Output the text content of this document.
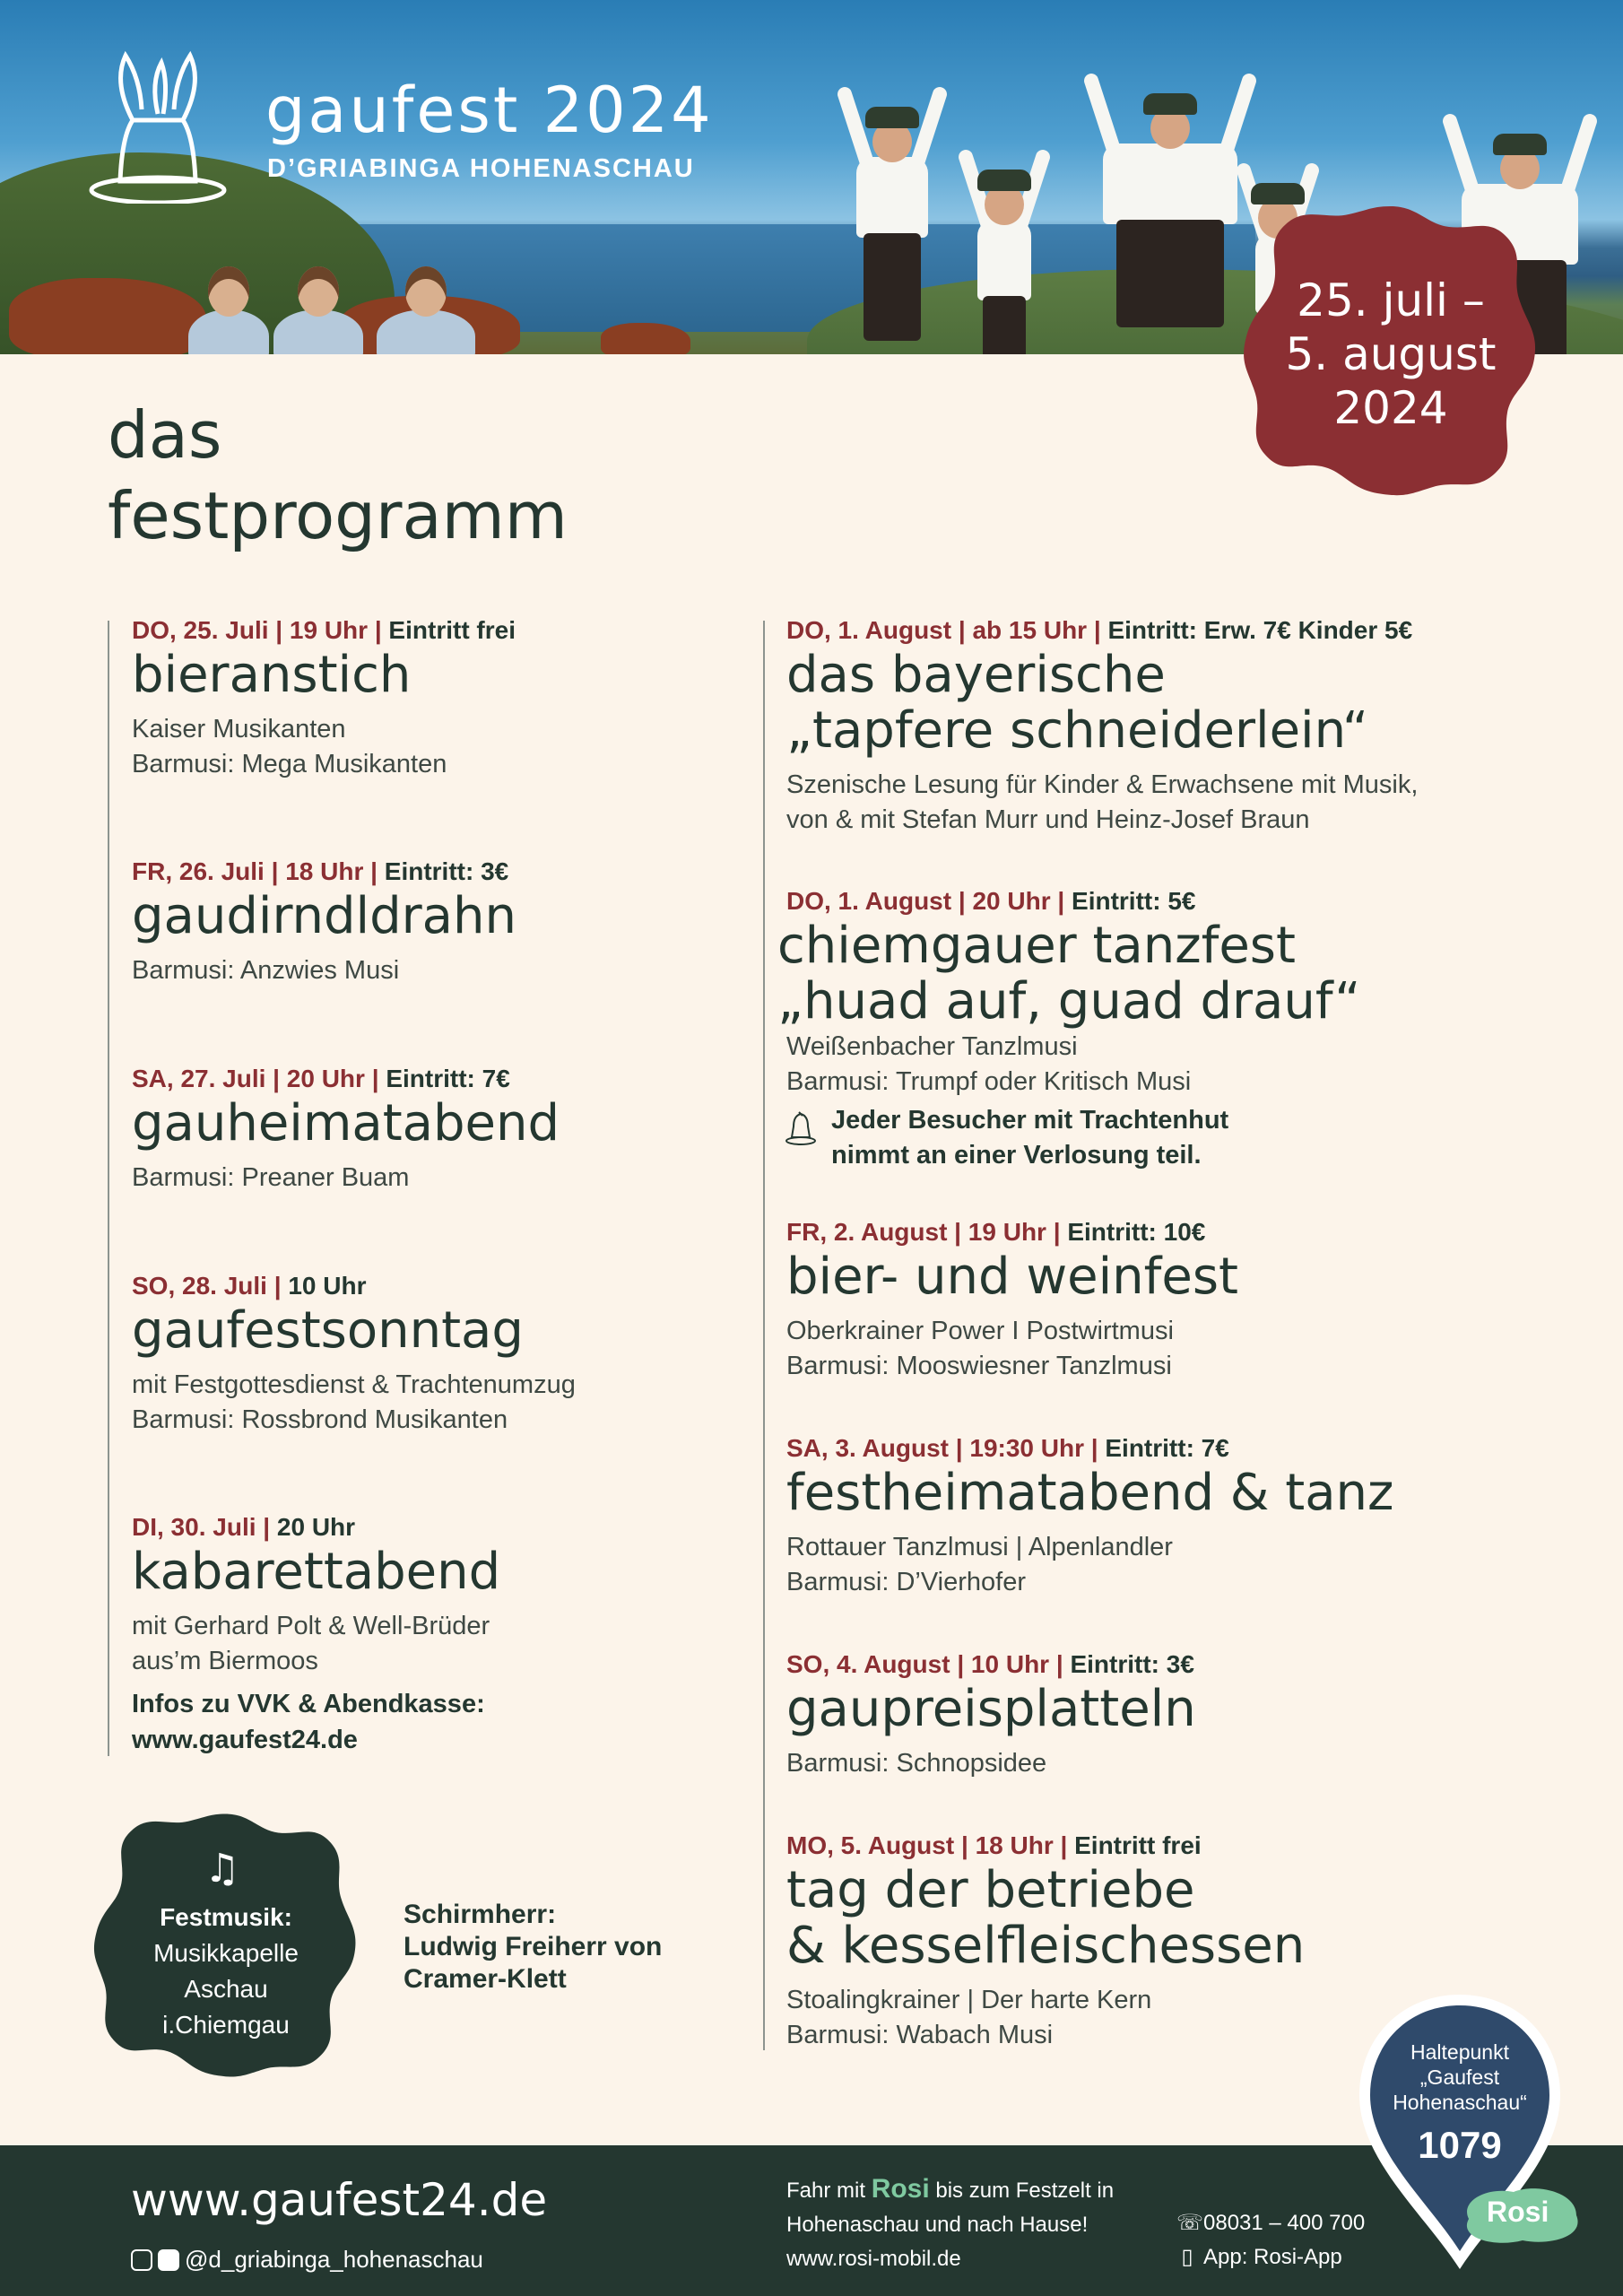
gaufest 2024
D’GRIABINGA HOHENASCHAU
25. juli –
5. august
2024
das
festprogramm
DO, 25. Juli | 19 Uhr | Eintritt frei
bieranstich
Kaiser Musikanten
Barmusi: Mega Musikanten
FR, 26. Juli | 18 Uhr | Eintritt: 3€
gaudirndldrahn
Barmusi: Anzwies Musi
SA, 27. Juli | 20 Uhr | Eintritt: 7€
gauheimatabend
Barmusi: Preaner Buam
SO, 28. Juli | 10 Uhr
gaufestsonntag
mit Festgottesdienst & Trachtenumzug
Barmusi: Rossbrond Musikanten
DI, 30. Juli | 20 Uhr
kabarettabend
mit Gerhard Polt & Well-Brüder
aus’m Biermoos
Infos zu VVK & Abendkasse:
www.gaufest24.de
DO, 1. August | ab 15 Uhr | Eintritt: Erw. 7€ Kinder 5€
das bayerische
„tapfere schneiderlein“
Szenische Lesung für Kinder & Erwachsene mit Musik,
von & mit Stefan Murr und Heinz-Josef Braun
DO, 1. August | 20 Uhr | Eintritt: 5€
chiemgauer tanzfest
„huad auf, guad drauf“
Weißenbacher Tanzlmusi
Barmusi: Trumpf oder Kritisch Musi
Jeder Besucher mit Trachtenhut
nimmt an einer Verlosung teil.
FR, 2. August | 19 Uhr | Eintritt: 10€
bier- und weinfest
Oberkrainer Power I Postwirtmusi
Barmusi: Mooswiesner Tanzlmusi
SA, 3. August | 19:30 Uhr | Eintritt: 7€
festheimatabend & tanz
Rottauer Tanzlmusi | Alpenlandler
Barmusi: D’Vierhofer
SO, 4. August | 10 Uhr | Eintritt: 3€
gaupreisplatteln
Barmusi: Schnopsidee
MO, 5. August | 18 Uhr | Eintritt frei
tag der betriebe
& kesselfleischessen
Stoalingkrainer | Der harte Kern
Barmusi: Wabach Musi
♫
Festmusik:
Musikkapelle
Aschau
i.Chiemgau
Schirmherr:
Ludwig Freiherr von
Cramer-Klett
www.gaufest24.de
@d_griabinga_hohenaschau
Fahr mit Rosi bis zum Festzelt in
Hohenaschau und nach Hause!
www.rosi-mobil.de
☏08031 – 400 700
▯ App: Rosi-App
Haltepunkt
„Gaufest
Hohenaschau“
1079
Rosi
